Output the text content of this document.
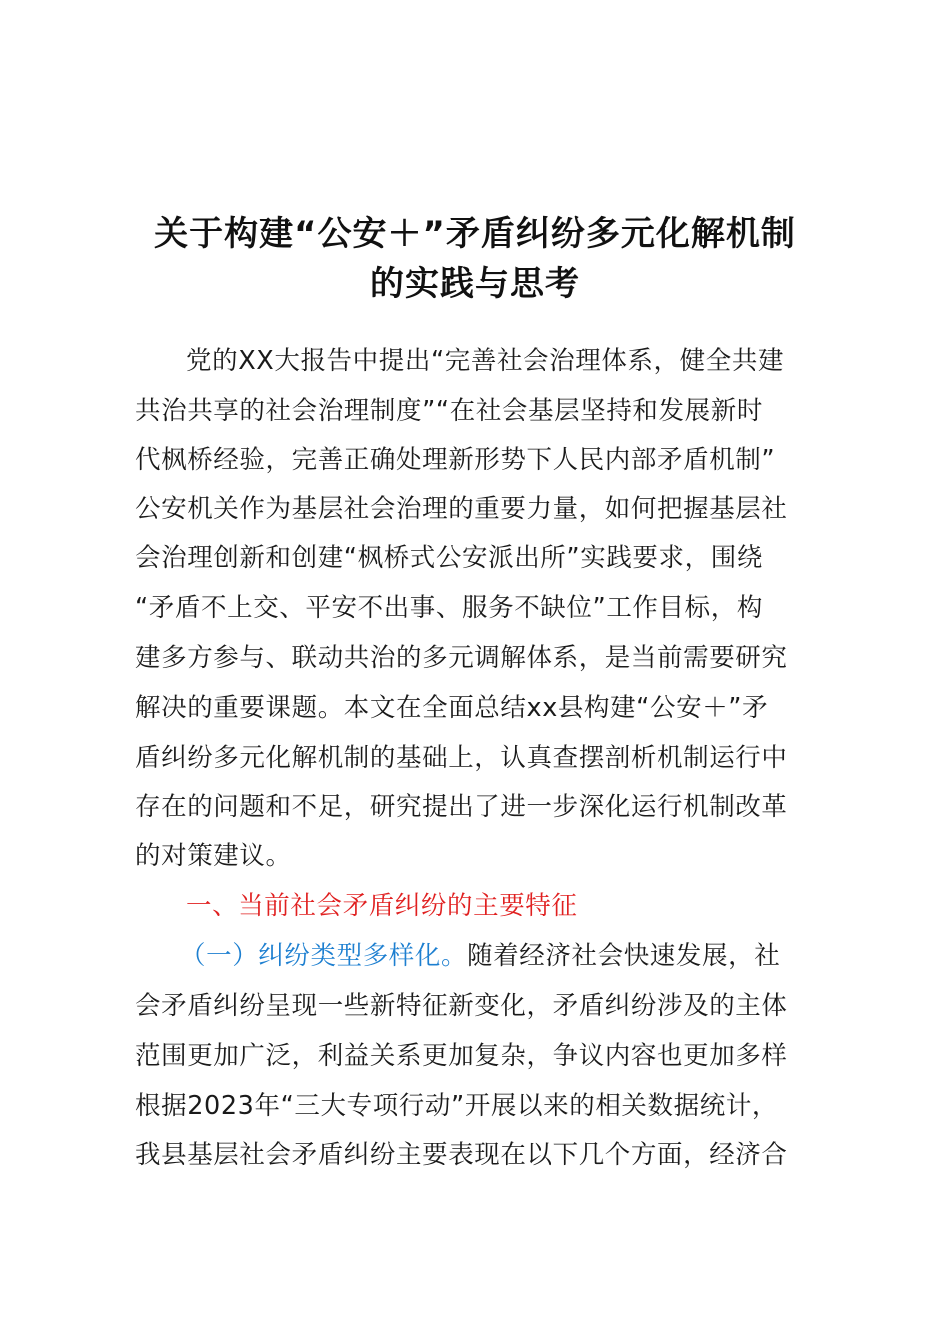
关于构建“公安＋”矛盾纠纷多元化解机制
的实践与思考
党的XX大报告中提出“完善社会治理体系，健全共建
共治共享的社会治理制度”“在社会基层坚持和发展新时
代枫桥经验，完善正确处理新形势下人民内部矛盾机制”
公安机关作为基层社会治理的重要力量，如何把握基层社
会治理创新和创建“枫桥式公安派出所”实践要求，围绕
“矛盾不上交、平安不出事、服务不缺位”工作目标，构
建多方参与、联动共治的多元调解体系，是当前需要研究
解决的重要课题。本文在全面总结xx县构建“公安＋”矛
盾纠纷多元化解机制的基础上，认真查摆剖析机制运行中
存在的问题和不足，研究提出了进一步深化运行机制改革
的对策建议。
一、当前社会矛盾纠纷的主要特征
（一）纠纷类型多样化。随着经济社会快速发展，社
会矛盾纠纷呈现一些新特征新变化，矛盾纠纷涉及的主体
范围更加广泛，利益关系更加复杂，争议内容也更加多样
根据2023年“三大专项行动”开展以来的相关数据统计，
我县基层社会矛盾纠纷主要表现在以下几个方面，经济合
